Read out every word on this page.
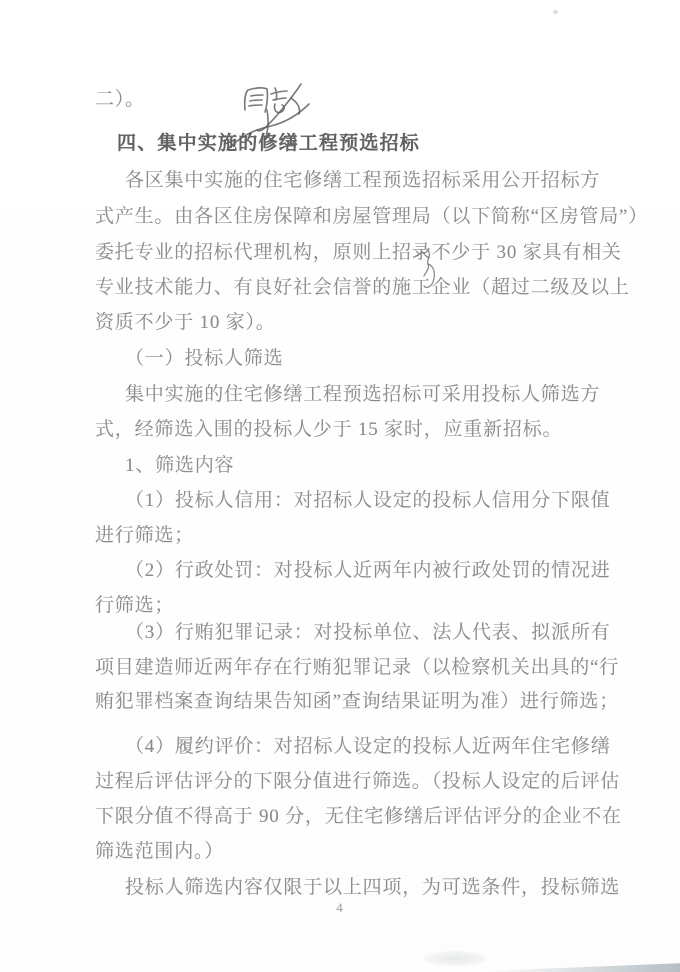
二）。
四、集中实施的修缮工程预选招标
各区集中实施的住宅修缮工程预选招标采用公开招标方
式产生。由各区住房保障和房屋管理局（以下简称“区房管局”）
委托专业的招标代理机构，原则上招录不少于 30 家具有相关
专业技术能力、有良好社会信誉的施工企业（超过二级及以上
资质不少于 10 家）。
（一）投标人筛选
集中实施的住宅修缮工程预选招标可采用投标人筛选方
式，经筛选入围的投标人少于 15 家时，应重新招标。
1、筛选内容
（1）投标人信用：对招标人设定的投标人信用分下限值
进行筛选；
（2）行政处罚：对投标人近两年内被行政处罚的情况进
行筛选；
（3）行贿犯罪记录：对投标单位、法人代表、拟派所有
项目建造师近两年存在行贿犯罪记录（以检察机关出具的“行
贿犯罪档案查询结果告知函”查询结果证明为准）进行筛选；
（4）履约评价：对招标人设定的投标人近两年住宅修缮
过程后评估评分的下限分值进行筛选。（投标人设定的后评估
下限分值不得高于 90 分，无住宅修缮后评估评分的企业不在
筛选范围内。）
投标人筛选内容仅限于以上四项，为可选条件，投标筛选
4
